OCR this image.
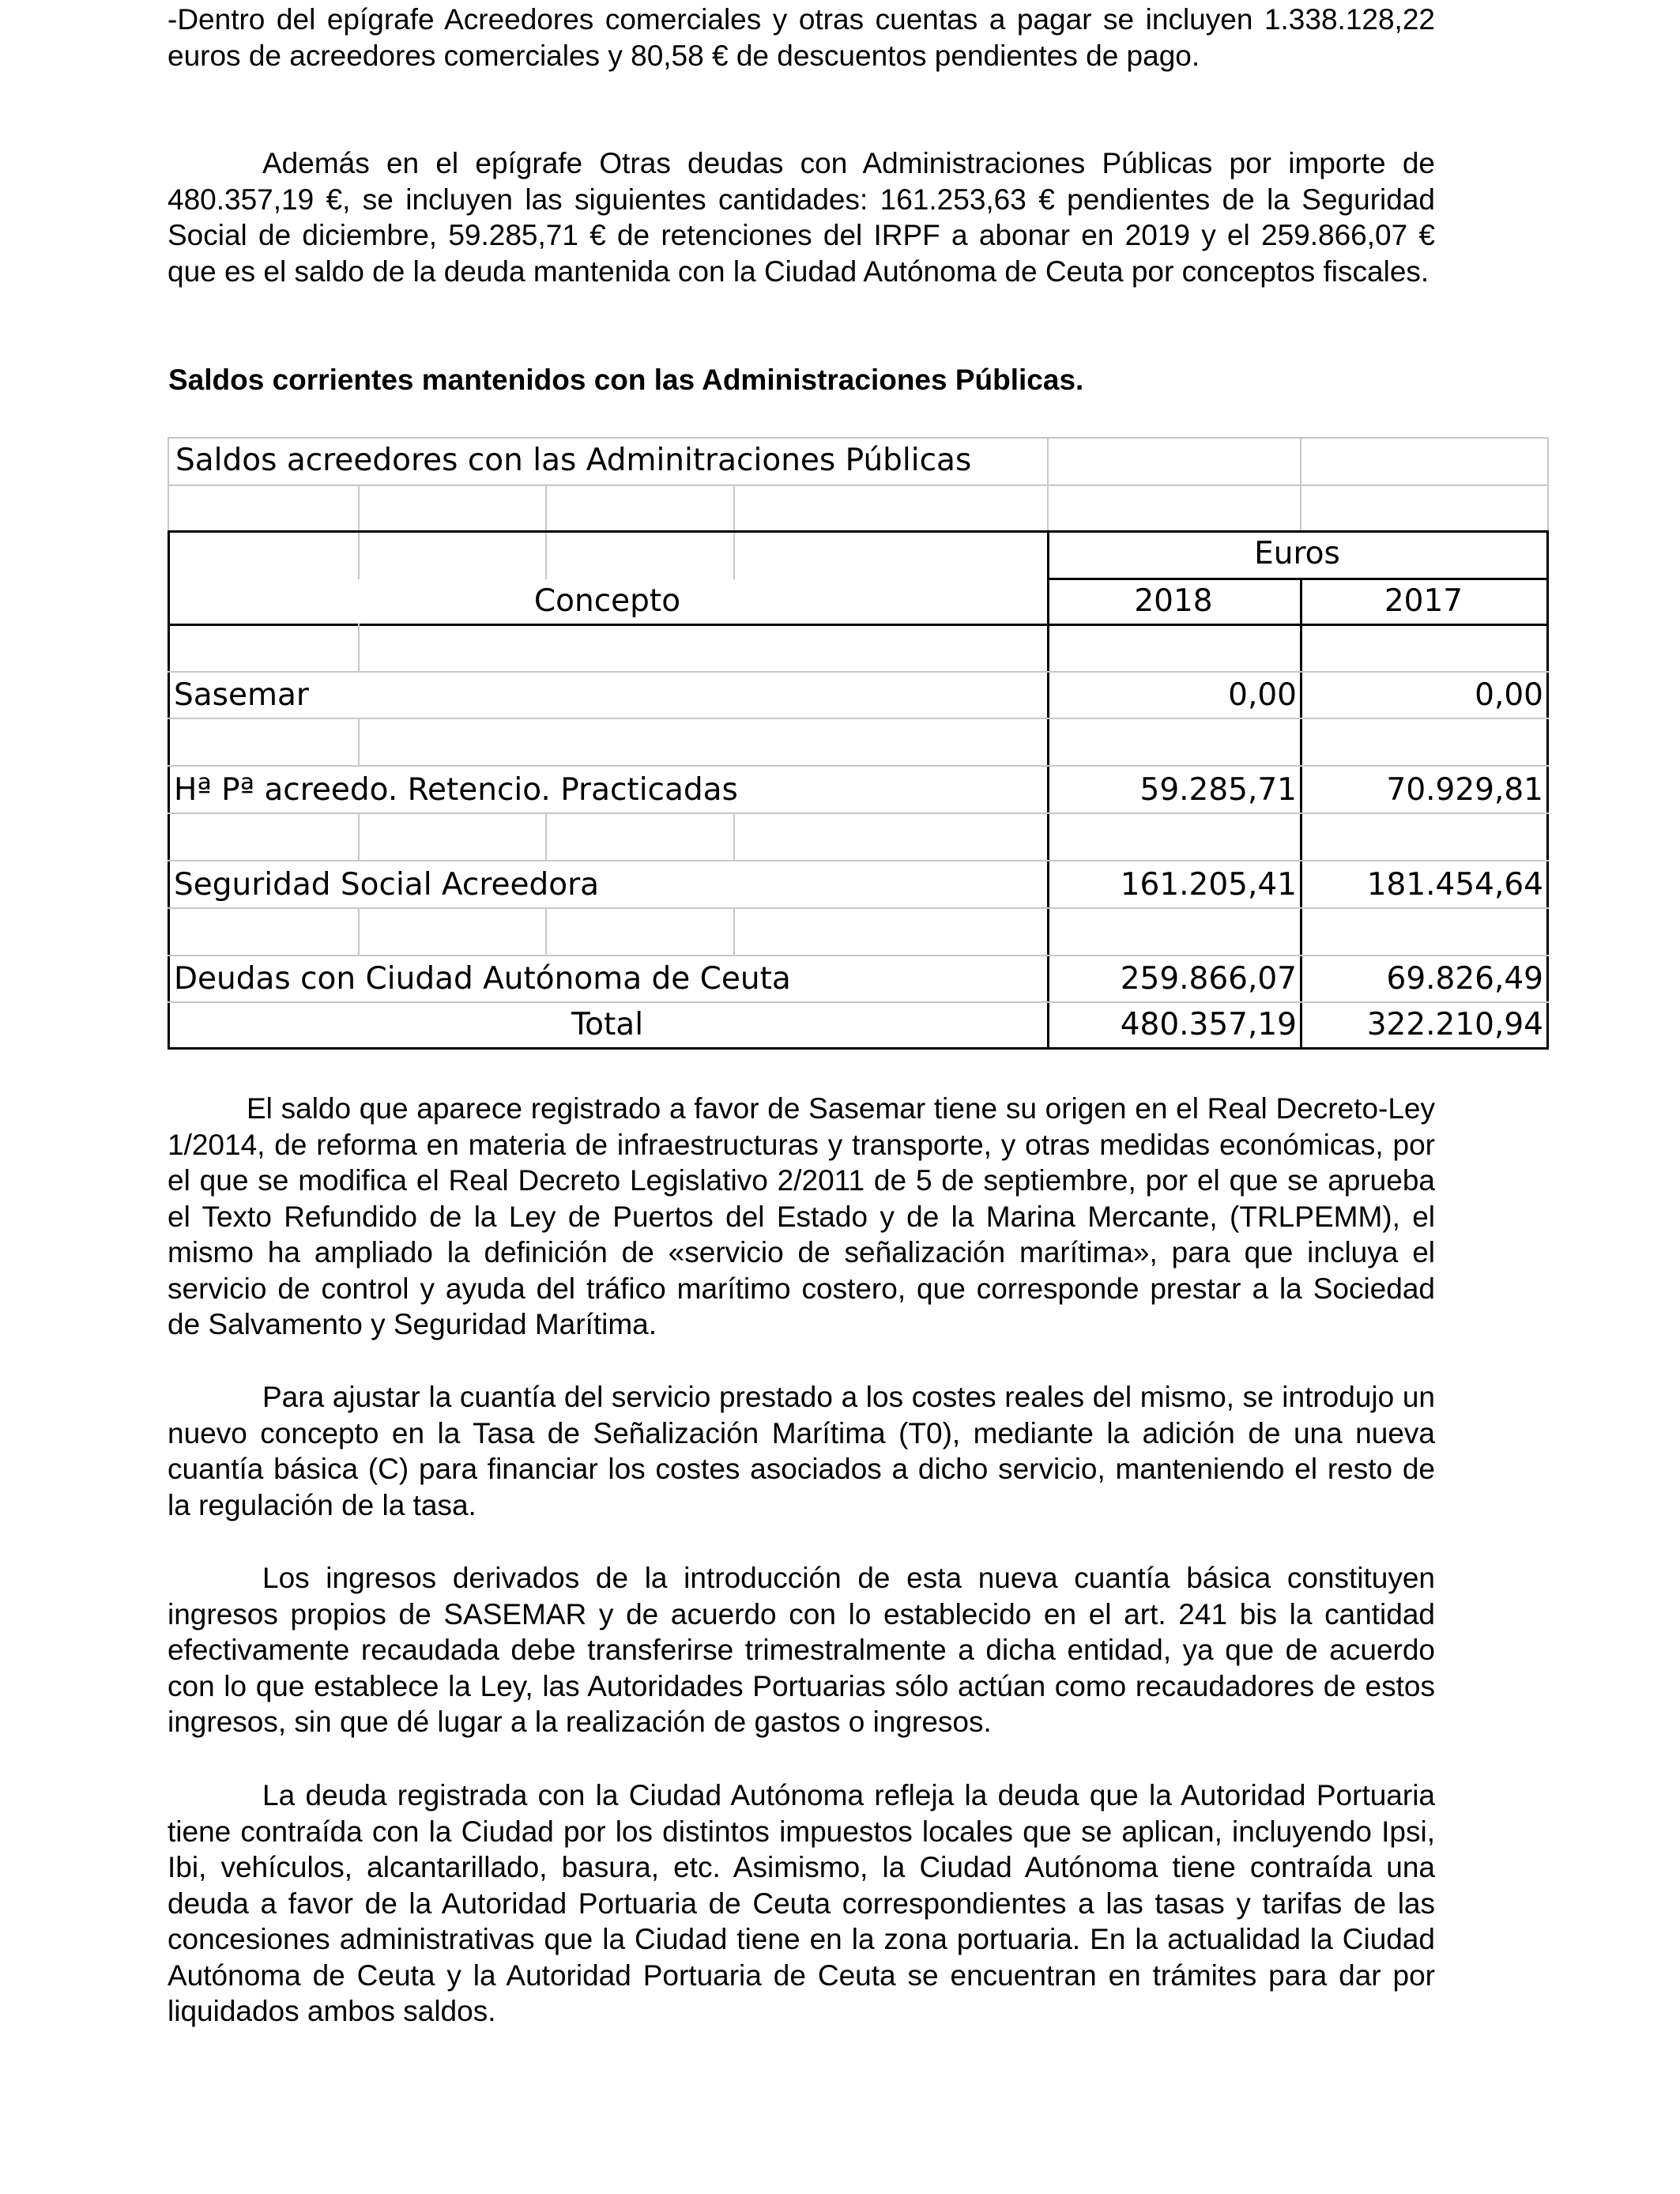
-Dentro del epígrafe Acreedores comerciales y otras cuentas a pagar se incluyen 1.338.128,22 euros de acreedores comerciales y 80,58 € de descuentos pendientes de pago.

Además en el epígrafe Otras deudas con Administraciones Públicas por importe de 480.357,19 €, se incluyen las siguientes cantidades: 161.253,63 € pendientes de la Seguridad Social de diciembre, 59.285,71 € de retenciones del IRPF a abonar en 2019 y el 259.866,07 € que es el saldo de la deuda mantenida con la Ciudad Autónoma de Ceuta por conceptos fiscales.

Saldos corrientes mantenidos con las Administraciones Públicas.

Saldos acreedores con las Adminitraciones Públicas
Euros
Concepto	2018	2017
Sasemar	0,00	0,00
Hª Pª acreedo. Retencio. Practicadas	59.285,71	70.929,81
Seguridad Social Acreedora	161.205,41	181.454,64
Deudas con Ciudad Autónoma de Ceuta	259.866,07	69.826,49
Total	480.357,19	322.210,94

El saldo que aparece registrado a favor de Sasemar tiene su origen en el Real Decreto-Ley 1/2014, de reforma en materia de infraestructuras y transporte, y otras medidas económicas, por el que se modifica el Real Decreto Legislativo 2/2011 de 5 de septiembre, por el que se aprueba el Texto Refundido de la Ley de Puertos del Estado y de la Marina Mercante, (TRLPEMM), el mismo ha ampliado la definición de «servicio de señalización marítima», para que incluya el servicio de control y ayuda del tráfico marítimo costero, que corresponde prestar a la Sociedad de Salvamento y Seguridad Marítima.

Para ajustar la cuantía del servicio prestado a los costes reales del mismo, se introdujo un nuevo concepto en la Tasa de Señalización Marítima (T0), mediante la adición de una nueva cuantía básica (C) para financiar los costes asociados a dicho servicio, manteniendo el resto de la regulación de la tasa.

Los ingresos derivados de la introducción de esta nueva cuantía básica constituyen ingresos propios de SASEMAR y de acuerdo con lo establecido en el art. 241 bis la cantidad efectivamente recaudada debe transferirse trimestralmente a dicha entidad, ya que de acuerdo con lo que establece la Ley, las Autoridades Portuarias sólo actúan como recaudadores de estos ingresos, sin que dé lugar a la realización de gastos o ingresos.

La deuda registrada con la Ciudad Autónoma refleja la deuda que la Autoridad Portuaria tiene contraída con la Ciudad por los distintos impuestos locales que se aplican, incluyendo Ipsi, Ibi, vehículos, alcantarillado, basura, etc. Asimismo, la Ciudad Autónoma tiene contraída una deuda a favor de la Autoridad Portuaria de Ceuta correspondientes a las tasas y tarifas de las concesiones administrativas que la Ciudad tiene en la zona portuaria. En la actualidad la Ciudad Autónoma de Ceuta y la Autoridad Portuaria de Ceuta se encuentran en trámites para dar por liquidados ambos saldos.
